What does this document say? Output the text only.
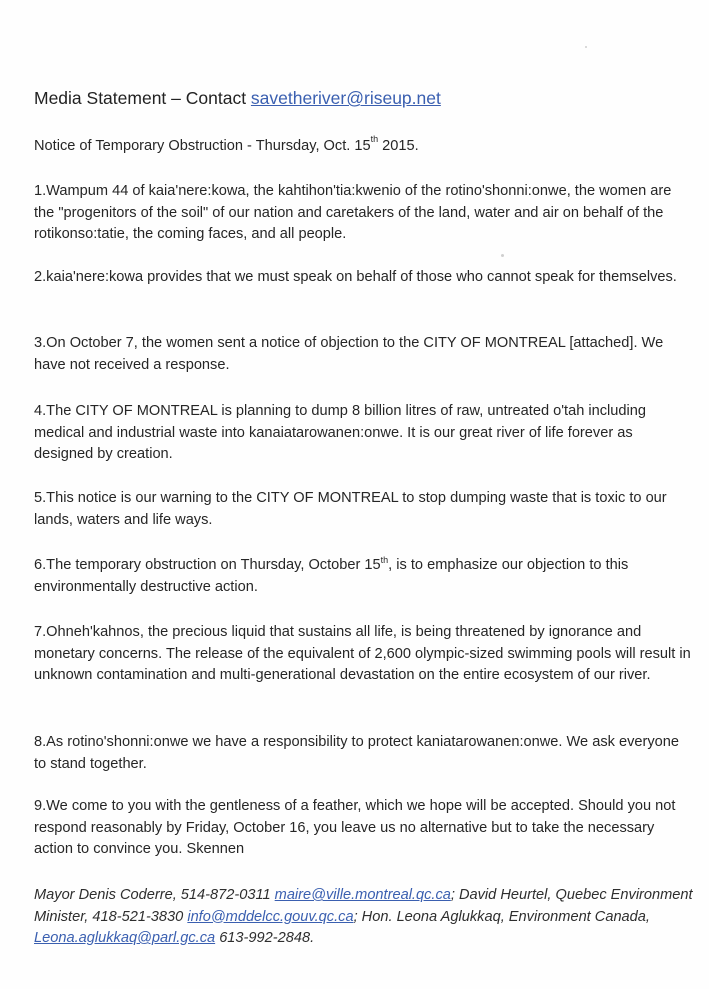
Media Statement – Contact savetheriver@riseup.net
Notice of Temporary Obstruction - Thursday, Oct. 15th 2015.
1.Wampum 44 of kaia'nere:kowa, the kahtihon'tia:kwenio of the rotino'shonni:onwe, the women are the "progenitors of the soil" of our nation and caretakers of the land, water and air on behalf of the rotikonso:tatie, the coming faces, and all people.
2.kaia'nere:kowa provides that we must speak on behalf of those who cannot speak for themselves.
3.On October 7, the women sent a notice of objection to the CITY OF MONTREAL [attached]. We have not received a response.
4.The CITY OF MONTREAL is planning to dump 8 billion litres of raw, untreated o'tah including medical and industrial waste into kanaiatarowanen:onwe. It is our great river of life forever as designed by creation.
5.This notice is our warning to the CITY OF MONTREAL to stop dumping waste that is toxic to our lands, waters and life ways.
6.The temporary obstruction on Thursday, October 15th, is to emphasize our objection to this environmentally destructive action.
7.Ohneh'kahnos, the precious liquid that sustains all life, is being threatened by ignorance and monetary concerns. The release of the equivalent of 2,600 olympic-sized swimming pools will result in unknown contamination and multi-generational devastation on the entire ecosystem of our river.
8.As rotino'shonni:onwe we have a responsibility to protect kaniatarowanen:onwe. We ask everyone to stand together.
9.We come to you with the gentleness of a feather, which we hope will be accepted. Should you not respond reasonably by Friday, October 16, you leave us no alternative but to take the necessary action to convince you. Skennen
Mayor Denis Coderre, 514-872-0311 maire@ville.montreal.qc.ca; David Heurtel, Quebec Environment Minister, 418-521-3830 info@mddelcc.gouv.qc.ca; Hon. Leona Aglukkaq, Environment Canada, Leona.aglukkaq@parl.gc.ca 613-992-2848.
